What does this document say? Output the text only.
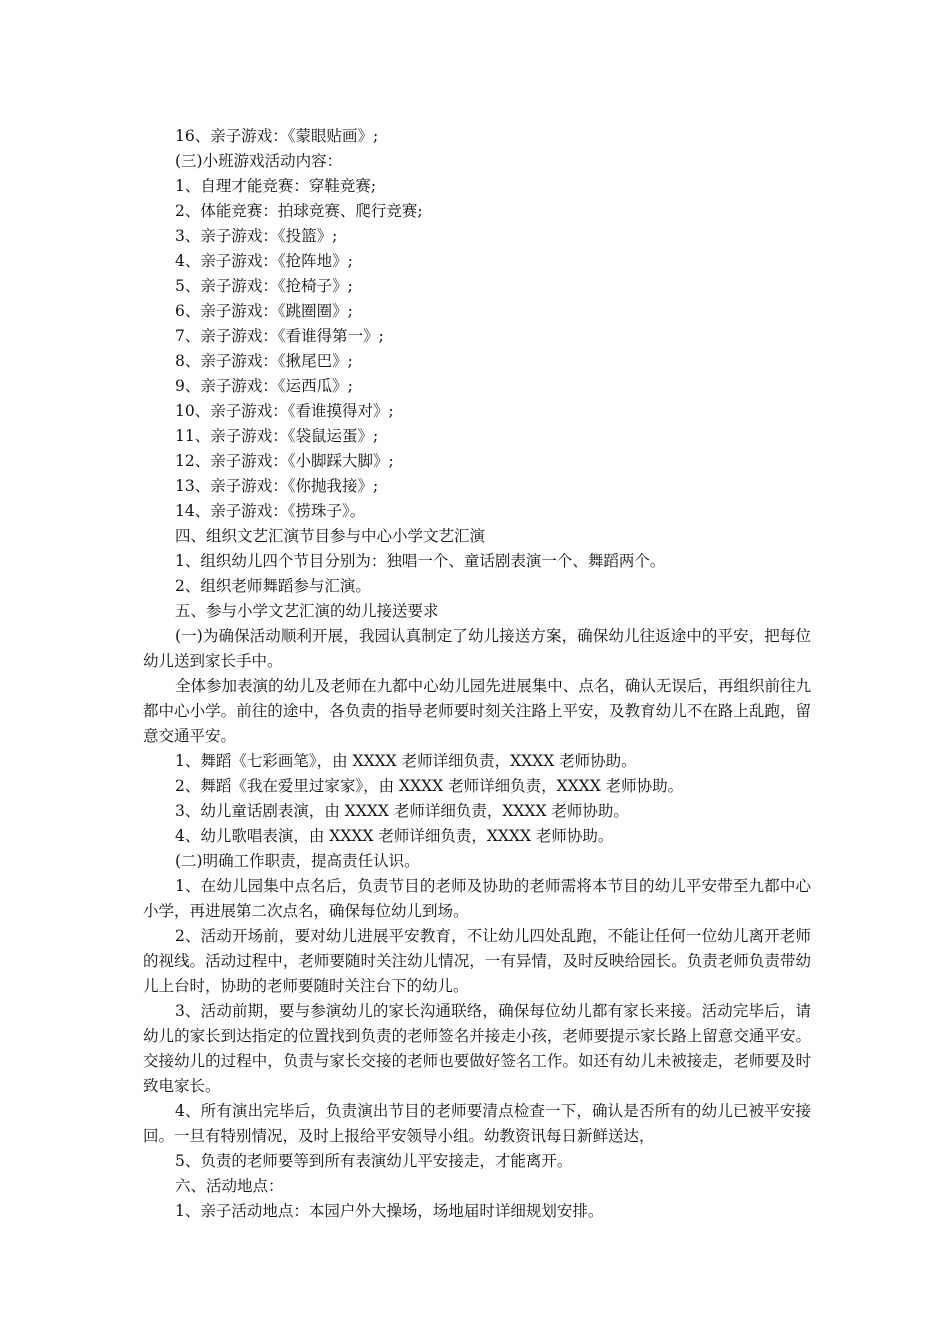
16、亲子游戏：《蒙眼贴画》;
(三)小班游戏活动内容：
1、自理才能竞赛：穿鞋竞赛;
2、体能竞赛：拍球竞赛、爬行竞赛;
3、亲子游戏：《投篮》;
4、亲子游戏：《抢阵地》;
5、亲子游戏：《抢椅子》;
6、亲子游戏：《跳圈圈》;
7、亲子游戏：《看谁得第一》;
8、亲子游戏：《揪尾巴》;
9、亲子游戏：《运西瓜》;
10、亲子游戏：《看谁摸得对》;
11、亲子游戏：《袋鼠运蛋》;
12、亲子游戏：《小脚踩大脚》;
13、亲子游戏：《你抛我接》;
14、亲子游戏：《捞珠子》。
四、组织文艺汇演节目参与中心小学文艺汇演
1、组织幼儿四个节目分别为：独唱一个、童话剧表演一个、舞蹈两个。
2、组织老师舞蹈参与汇演。
五、参与小学文艺汇演的幼儿接送要求
(一)为确保活动顺利开展，我园认真制定了幼儿接送方案，确保幼儿往返途中的平安，把每位幼儿送到家长手中。
全体参加表演的幼儿及老师在九都中心幼儿园先进展集中、点名，确认无误后，再组织前往九都中心小学。前往的途中，各负责的指导老师要时刻关注路上平安，及教育幼儿不在路上乱跑，留意交通平安。
1、舞蹈《七彩画笔》，由 XXXX 老师详细负责，XXXX 老师协助。
2、舞蹈《我在爱里过家家》，由 XXXX 老师详细负责，XXXX 老师协助。
3、幼儿童话剧表演，由 XXXX 老师详细负责，XXXX 老师协助。
4、幼儿歌唱表演，由 XXXX 老师详细负责，XXXX 老师协助。
(二)明确工作职责，提高责任认识。
1、在幼儿园集中点名后，负责节目的老师及协助的老师需将本节目的幼儿平安带至九都中心小学，再进展第二次点名，确保每位幼儿到场。
2、活动开场前，要对幼儿进展平安教育，不让幼儿四处乱跑，不能让任何一位幼儿离开老师的视线。活动过程中，老师要随时关注幼儿情况，一有异情，及时反映给园长。负责老师负责带幼儿上台时，协助的老师要随时关注台下的幼儿。
3、活动前期，要与参演幼儿的家长沟通联络，确保每位幼儿都有家长来接。活动完毕后，请幼儿的家长到达指定的位置找到负责的老师签名并接走小孩，老师要提示家长路上留意交通平安。交接幼儿的过程中，负责与家长交接的老师也要做好签名工作。如还有幼儿未被接走，老师要及时致电家长。
4、所有演出完毕后，负责演出节目的老师要清点检查一下，确认是否所有的幼儿已被平安接回。一旦有特别情况，及时上报给平安领导小组。幼教资讯每日新鲜送达，
5、负责的老师要等到所有表演幼儿平安接走，才能离开。
六、活动地点：
1、亲子活动地点：本园户外大操场，场地届时详细规划安排。
